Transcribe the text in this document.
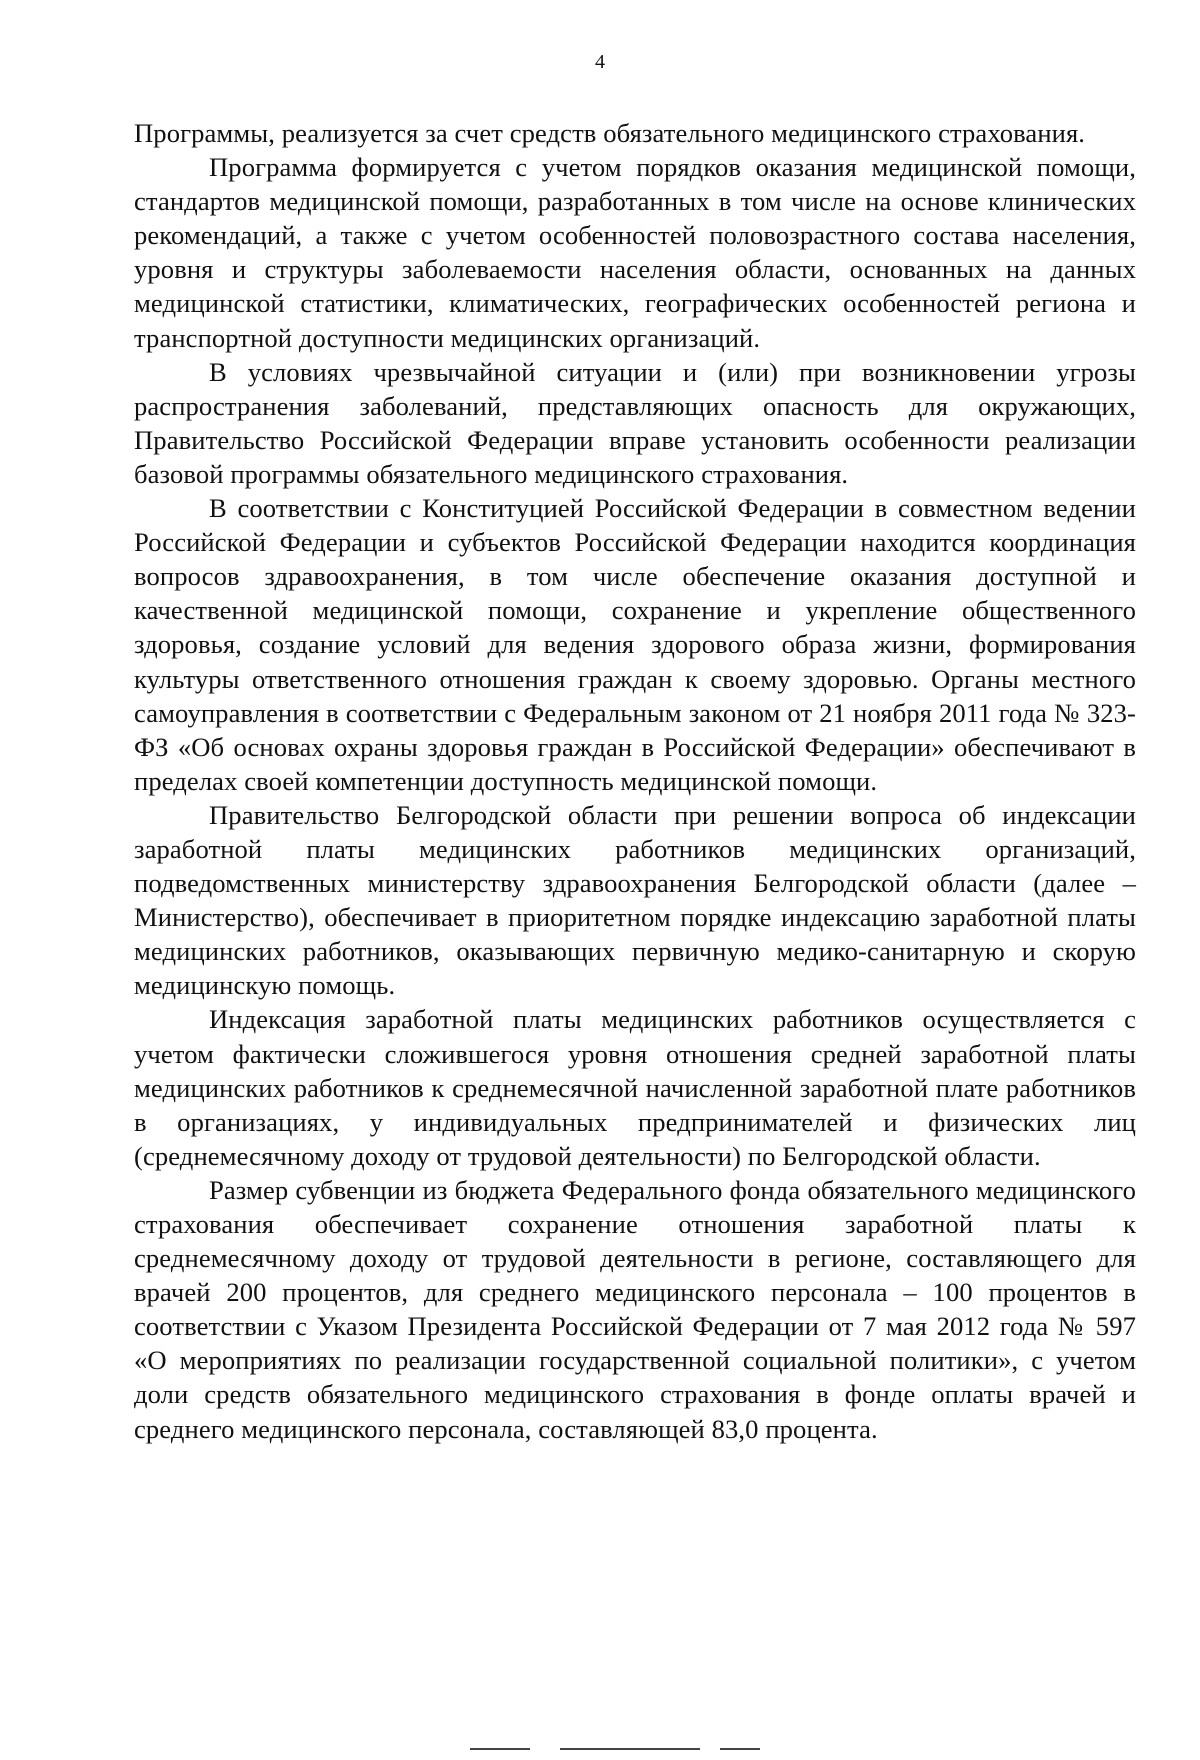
4

Программы, реализуется за счет средств обязательного медицинского страхования.

Программа формируется с учетом порядков оказания медицинской помощи, стандартов медицинской помощи, разработанных в том числе на основе клинических рекомендаций, а также с учетом особенностей половозрастного состава населения, уровня и структуры заболеваемости населения области, основанных на данных медицинской статистики, климатических, географических особенностей региона и транспортной доступности медицинских организаций.

В условиях чрезвычайной ситуации и (или) при возникновении угрозы распространения заболеваний, представляющих опасность для окружающих, Правительство Российской Федерации вправе установить особенности реализации базовой программы обязательного медицинского страхования.

В соответствии с Конституцией Российской Федерации в совместном ведении Российской Федерации и субъектов Российской Федерации находится координация вопросов здравоохранения, в том числе обеспечение оказания доступной и качественной медицинской помощи, сохранение и укрепление общественного здоровья, создание условий для ведения здорового образа жизни, формирования культуры ответственного отношения граждан к своему здоровью. Органы местного самоуправления в соответствии с Федеральным законом от 21 ноября 2011 года № 323-ФЗ «Об основах охраны здоровья граждан в Российской Федерации» обеспечивают в пределах своей компетенции доступность медицинской помощи.

Правительство Белгородской области при решении вопроса об индексации заработной платы медицинских работников медицинских организаций, подведомственных министерству здравоохранения Белгородской области (далее – Министерство), обеспечивает в приоритетном порядке индексацию заработной платы медицинских работников, оказывающих первичную медико-санитарную и скорую медицинскую помощь.

Индексация заработной платы медицинских работников осуществляется с учетом фактически сложившегося уровня отношения средней заработной платы медицинских работников к среднемесячной начисленной заработной плате работников в организациях, у индивидуальных предпринимателей и физических лиц (среднемесячному доходу от трудовой деятельности) по Белгородской области.

Размер субвенции из бюджета Федерального фонда обязательного медицинского страхования обеспечивает сохранение отношения заработной платы к среднемесячному доходу от трудовой деятельности в регионе, составляющего для врачей 200 процентов, для среднего медицинского персонала – 100 процентов в соответствии с Указом Президента Российской Федерации от 7 мая 2012 года № 597 «О мероприятиях по реализации государственной социальной политики», с учетом доли средств обязательного медицинского страхования в фонде оплаты врачей и среднего медицинского персонала, составляющей 83,0 процента.
